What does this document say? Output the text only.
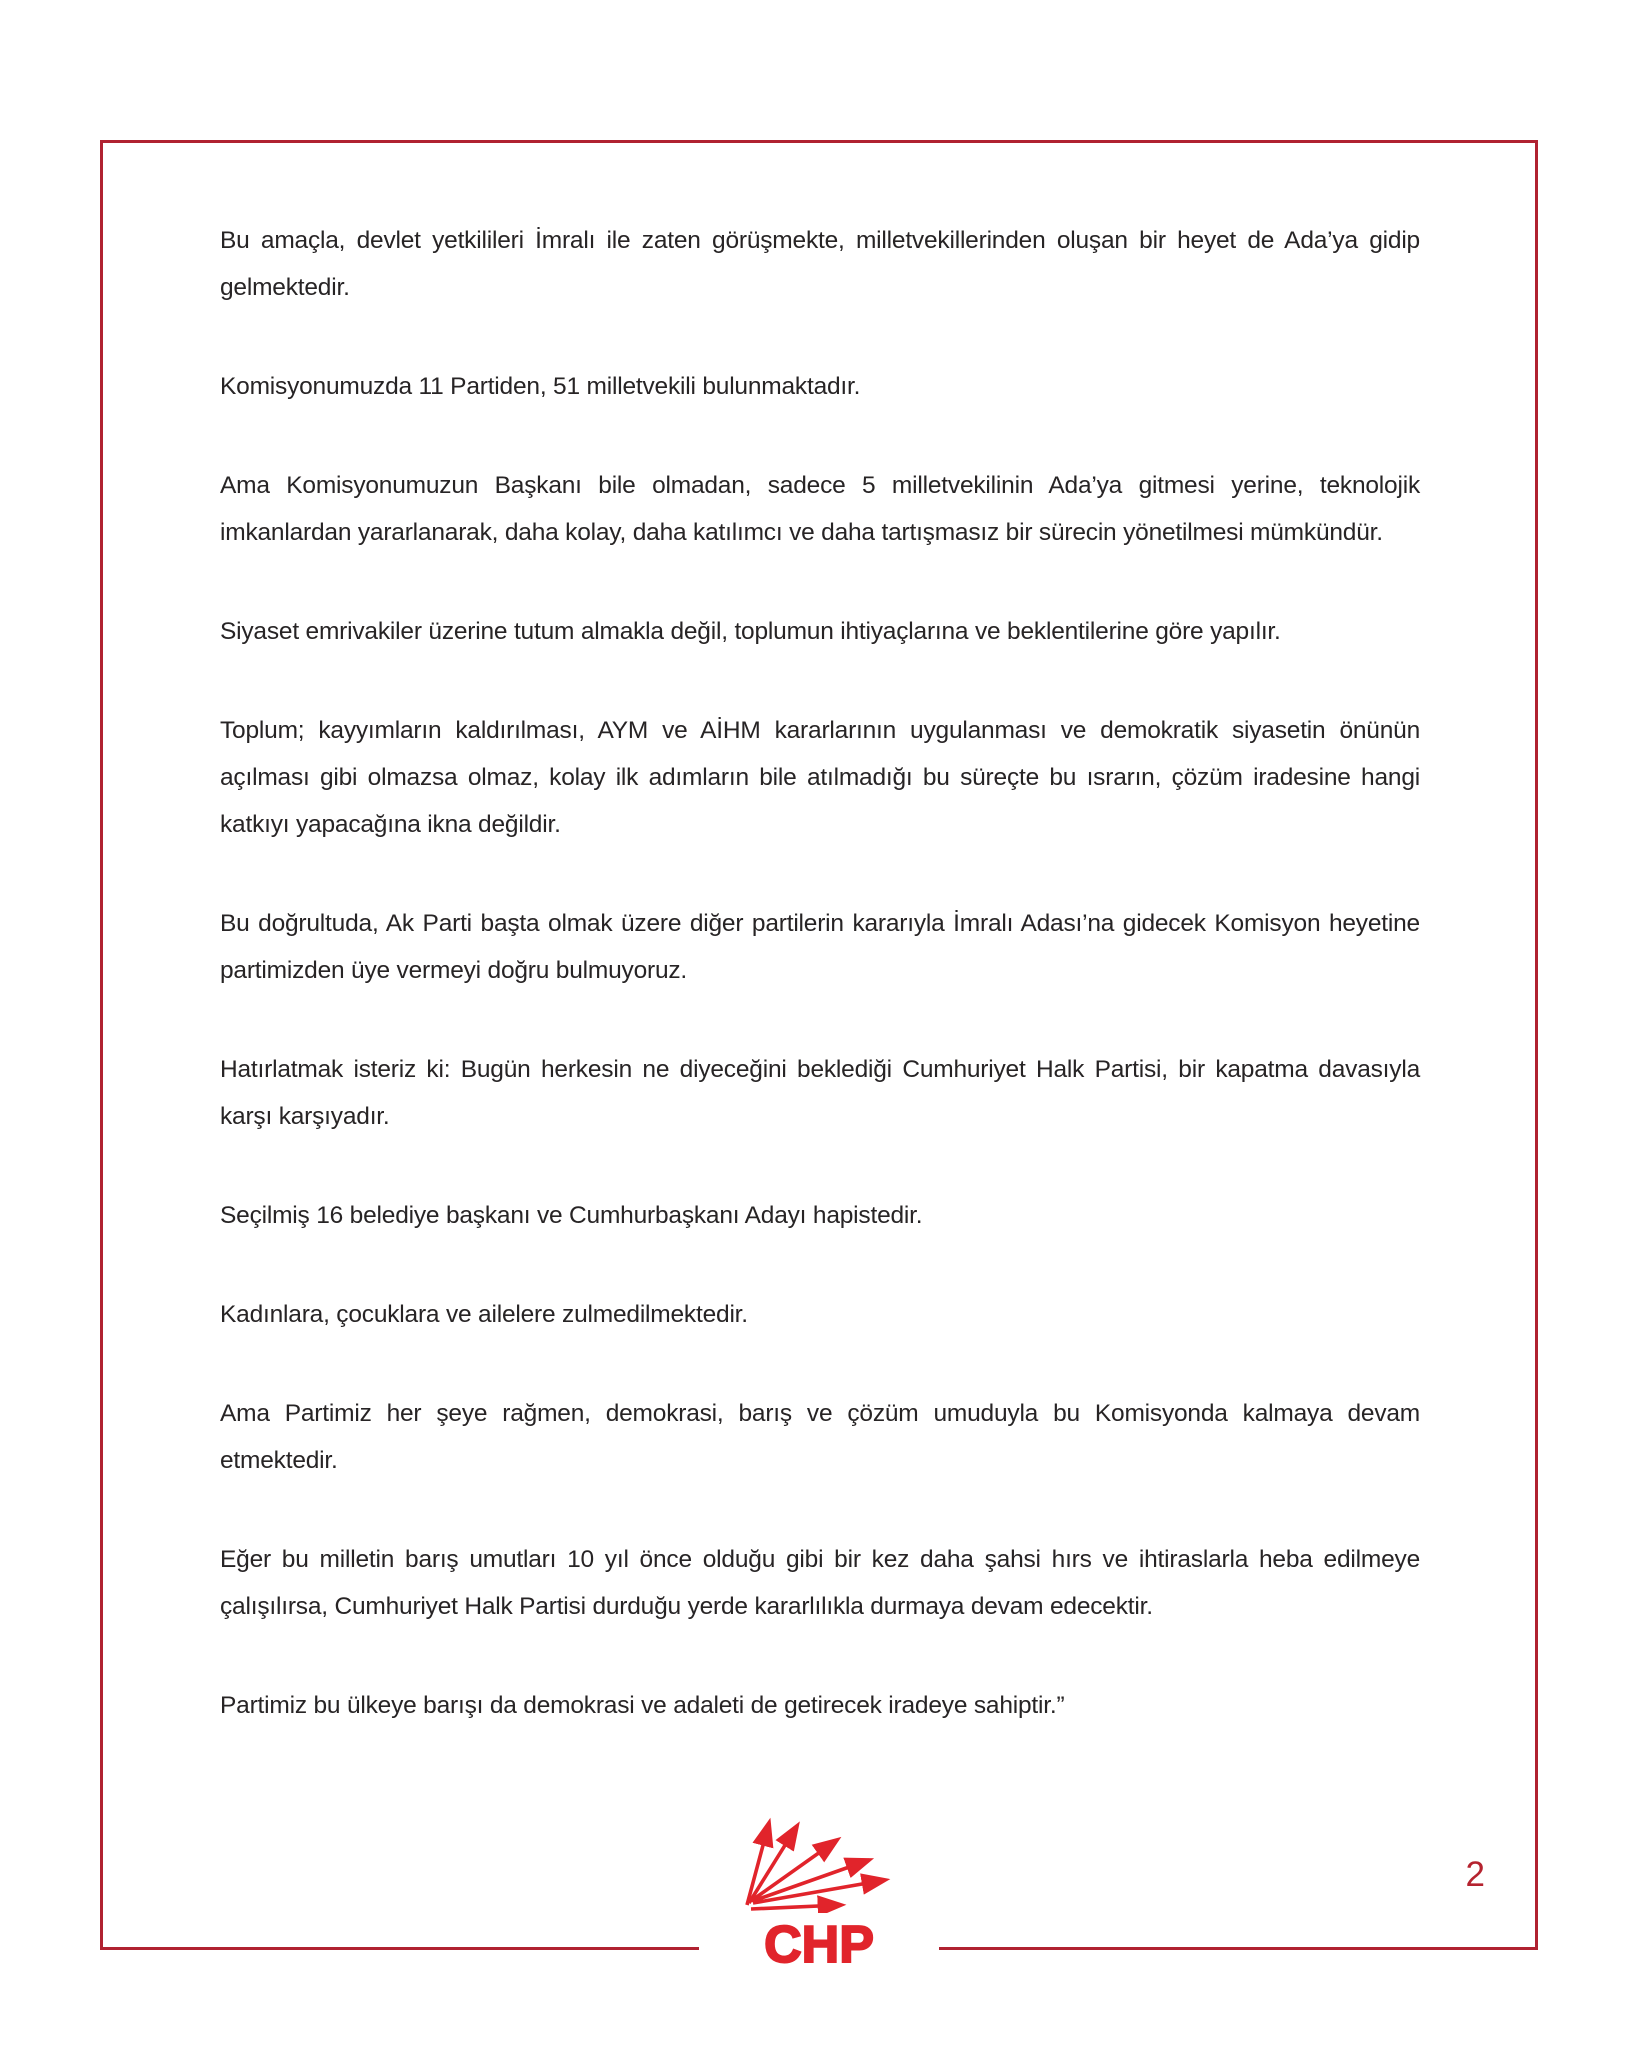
Bu amaçla, devlet yetkilileri İmralı ile zaten görüşmekte, milletvekillerinden oluşan bir heyet de Ada’ya gidip gelmektedir.

Komisyonumuzda 11 Partiden, 51 milletvekili bulunmaktadır.

Ama Komisyonumuzun Başkanı bile olmadan, sadece 5 milletvekilinin Ada’ya gitmesi yerine, teknolojik imkanlardan yararlanarak, daha kolay, daha katılımcı ve daha tartışmasız bir sürecin yönetilmesi mümkündür.

Siyaset emrivakiler üzerine tutum almakla değil, toplumun ihtiyaçlarına ve beklentilerine göre yapılır.

Toplum; kayyımların kaldırılması, AYM ve AİHM kararlarının uygulanması ve demokratik siyasetin önünün açılması gibi olmazsa olmaz, kolay ilk adımların bile atılmadığı bu süreçte bu ısrarın, çözüm iradesine hangi katkıyı yapacağına ikna değildir.

Bu doğrultuda, Ak Parti başta olmak üzere diğer partilerin kararıyla İmralı Adası’na gidecek Komisyon heyetine partimizden üye vermeyi doğru bulmuyoruz.

Hatırlatmak isteriz ki: Bugün herkesin ne diyeceğini beklediği Cumhuriyet Halk Partisi, bir kapatma davasıyla karşı karşıyadır.

Seçilmiş 16 belediye başkanı ve Cumhurbaşkanı Adayı hapistedir.

Kadınlara, çocuklara ve ailelere zulmedilmektedir.

Ama Partimiz her şeye rağmen, demokrasi, barış ve çözüm umuduyla bu Komisyonda kalmaya devam etmektedir.

Eğer bu milletin barış umutları 10 yıl önce olduğu gibi bir kez daha şahsi hırs ve ihtiraslarla heba edilmeye çalışılırsa, Cumhuriyet Halk Partisi durduğu yerde kararlılıkla durmaya devam edecektir.

Partimiz bu ülkeye barışı da demokrasi ve adaleti de getirecek iradeye sahiptir.”

2
CHP
